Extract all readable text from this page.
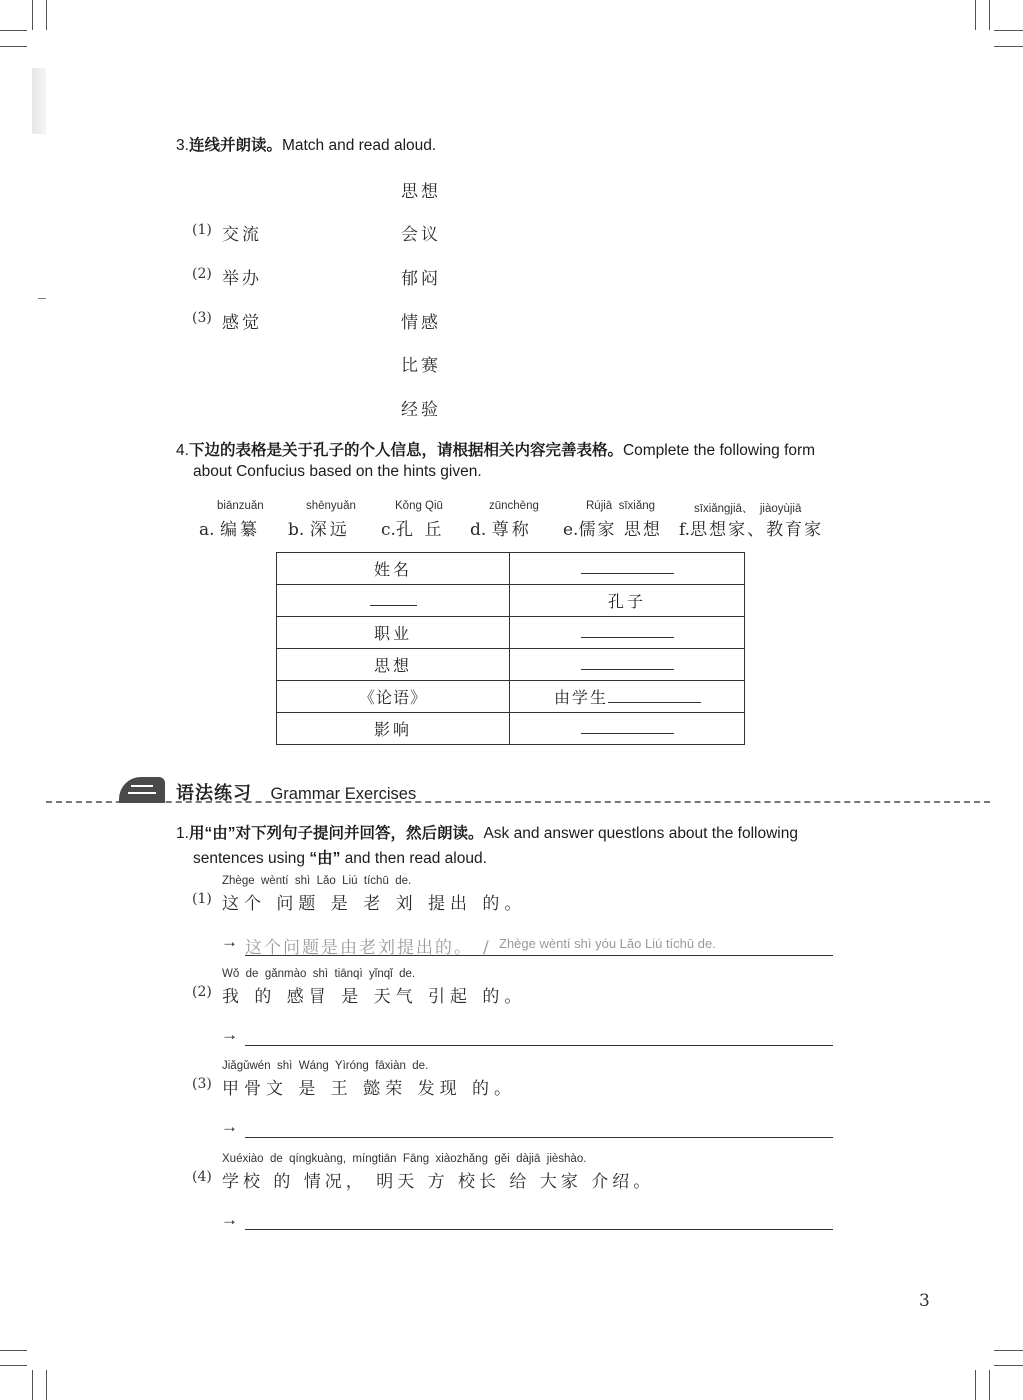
3.连线并朗读。Match and read aloud.
(1) 交流
(2) 举办
(3) 感觉
思想
会议
郁闷
情感
比赛
经验
4.下边的表格是关于孔子的个人信息，请根据相关内容完善表格。Complete the following form
about Confucius based on the hints given.
biānzuǎn
a. 编纂
shēnyuǎn
b. 深远
Kǒng Qiū
c.孔 丘
zūnchēng
d. 尊称
Rújiā  sīxiǎng
e.儒家 思想
sīxiǎngjiā、  jiàoyùjiā
f.思想家、教育家
姓名	
	孔子
职业	
思想	
《论语》	由学生
影响	
语法练习 Grammar Exercises
1.用“由”对下列句子提问并回答，然后朗读。Ask and answer questlons about the following
sentences using “由” and then read aloud.
Zhège  wèntí  shì  Lǎo  Liú  tíchū  de.
(1) 这个 问题 是 老 刘 提出 的。
→ 这个问题是由老刘提出的。 / Zhège wèntí shì yóu Lǎo Liú tíchū de.
Wǒ  de  gǎnmào  shì  tiānqì  yǐnqǐ  de.
(2) 我 的 感冒 是 天气 引起 的。
→
Jiǎgǔwén  shì  Wáng  Yìróng  fāxiàn  de.
(3) 甲骨文 是 王 懿荣 发现 的。
→
Xuéxiào  de  qíngkuàng,  míngtiān  Fāng  xiàozhǎng  gěi  dàjiā  jièshào.
(4) 学校 的 情况， 明天 方 校长 给 大家 介绍。
→
3
